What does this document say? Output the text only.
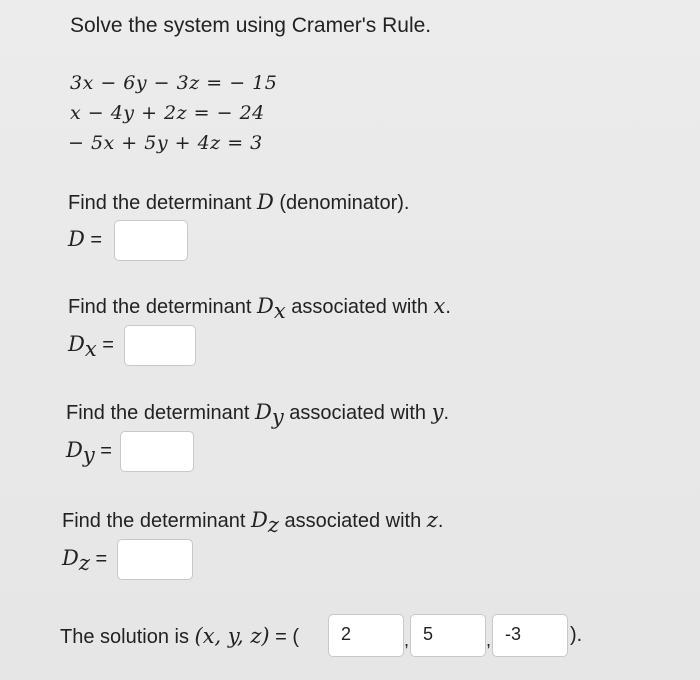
Solve the system using Cramer's Rule.
3x − 6y − 3z = − 15
x − 4y + 2z = − 24
− 5x + 5y + 4z = 3
Find the determinant D (denominator).
D =
Find the determinant $D_x$ associated with x.
$D_x$ =
Find the determinant $D_y$ associated with y.
$D_y$ =
Find the determinant $D_z$ associated with z.
$D_z$ =
The solution is (x, y, z) = (	2	, 5	, -3	).
